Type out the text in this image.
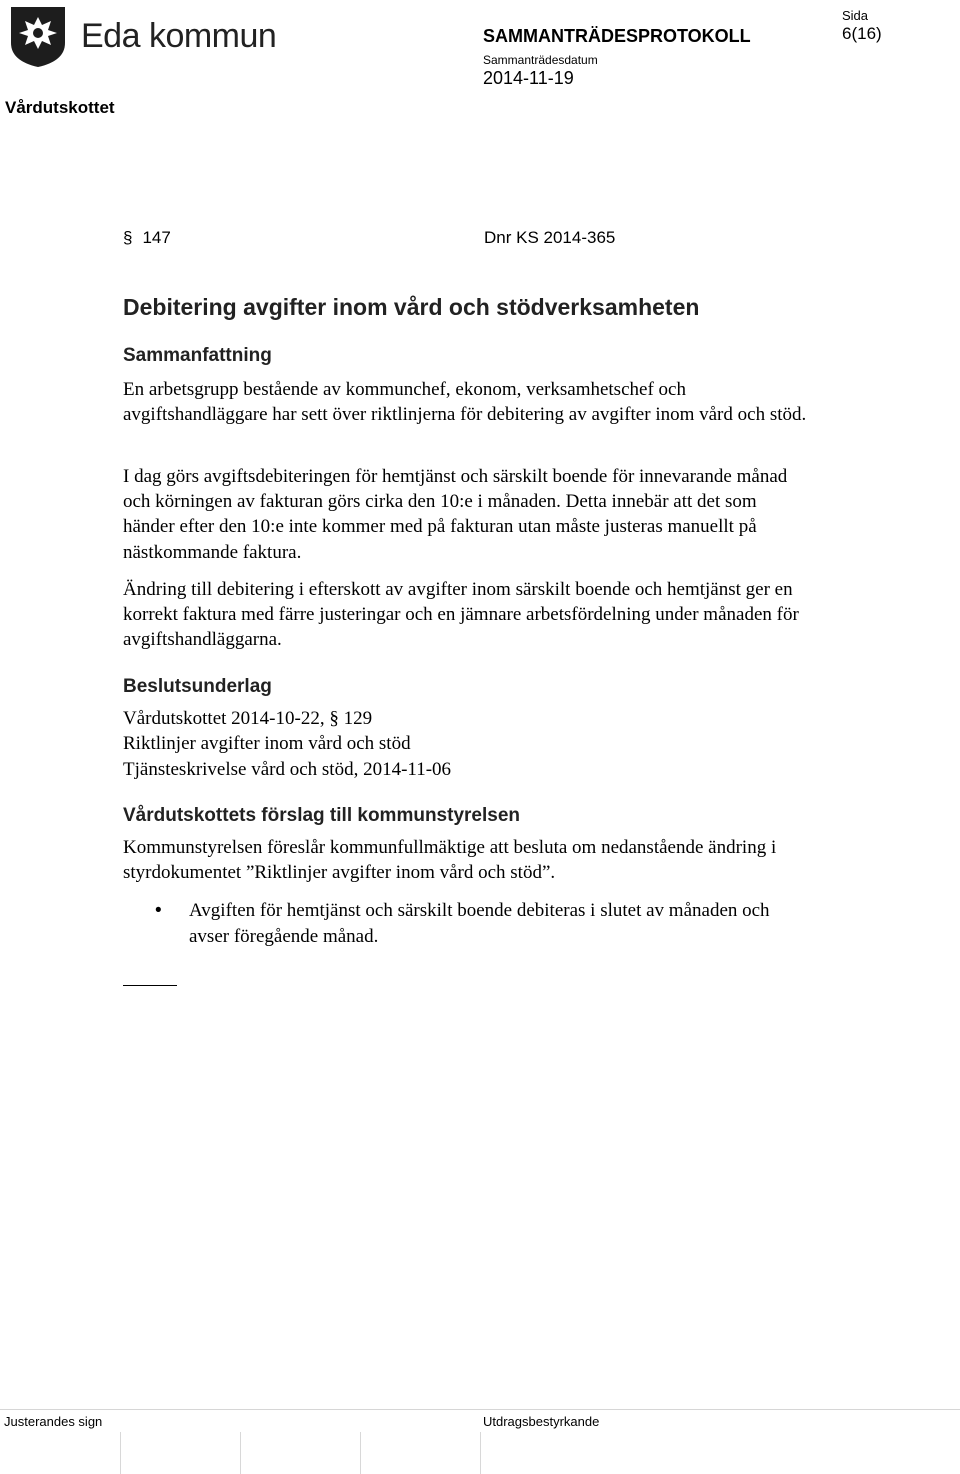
Eda kommun
Vårdutskottet
SAMMANTRÄDESPROTOKOLL
Sammanträdesdatum
2014-11-19
Sida
6(16)
§ 147	Dnr KS 2014-365
Debitering avgifter inom vård och stödverksamheten
Sammanfattning
En arbetsgrupp bestående av kommunchef, ekonom, verksamhetschef och avgiftshandläggare har sett över riktlinjerna för debitering av avgifter inom vård och stöd.
I dag görs avgiftsdebiteringen för hemtjänst och särskilt boende för innevarande månad och körningen av fakturan görs cirka den 10:e i månaden. Detta innebär att det som händer efter den 10:e inte kommer med på fakturan utan måste justeras manuellt på nästkommande faktura.
Ändring till debitering i efterskott av avgifter inom särskilt boende och hemtjänst ger en korrekt faktura med färre justeringar och en jämnare arbetsfördelning under månaden för avgiftshandläggarna.
Beslutsunderlag
Vårdutskottet 2014-10-22, § 129
Riktlinjer avgifter inom vård och stöd
Tjänsteskrivelse vård och stöd, 2014-11-06
Vårdutskottets förslag till kommunstyrelsen
Kommunstyrelsen föreslår kommunfullmäktige att besluta om nedanstående ändring i styrdokumentet ”Riktlinjer avgifter inom vård och stöd”.
• Avgiften för hemtjänst och särskilt boende debiteras i slutet av månaden och avser föregående månad.
Justerandes sign	Utdragsbestyrkande
